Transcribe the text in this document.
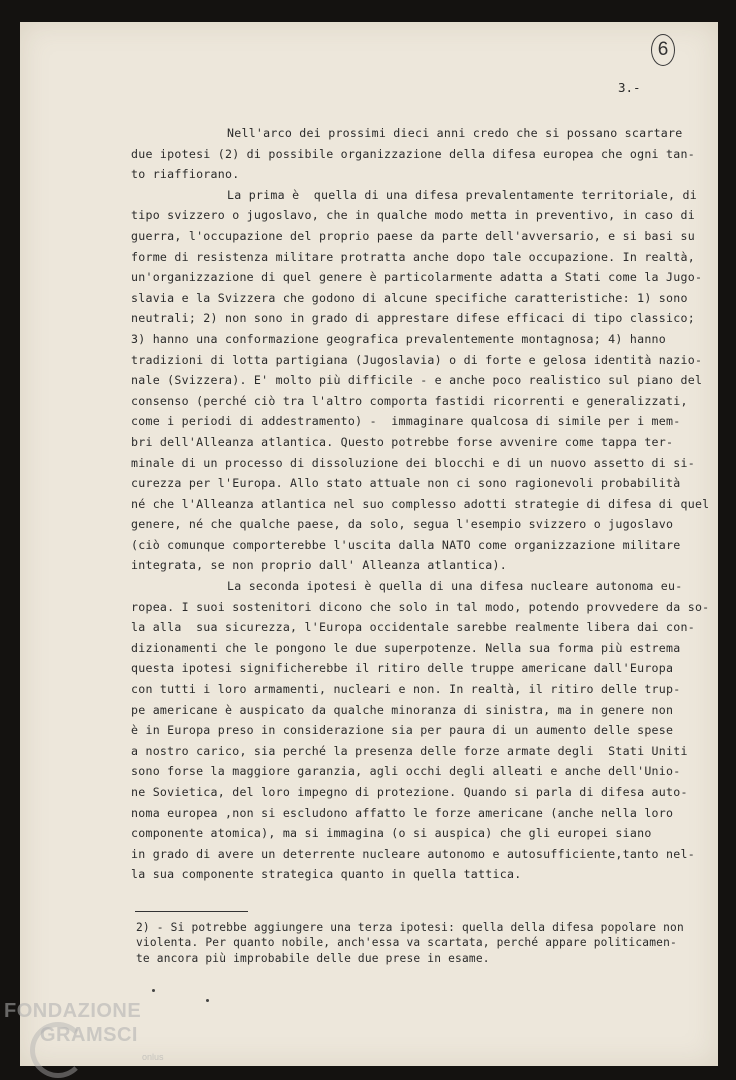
6
3.-
Nell'arco dei prossimi dieci anni credo che si possano scartare
due ipotesi (2) di possibile organizzazione della difesa europea che ogni tan-
to riaffiorano.
La prima è  quella di una difesa prevalentamente territoriale, di
tipo svizzero o jugoslavo, che in qualche modo metta in preventivo, in caso di
guerra, l'occupazione del proprio paese da parte dell'avversario, e si basi su
forme di resistenza militare protratta anche dopo tale occupazione. In realtà,
un'organizzazione di quel genere è particolarmente adatta a Stati come la Jugo-
slavia e la Svizzera che godono di alcune specifiche caratteristiche: 1) sono
neutrali; 2) non sono in grado di apprestare difese efficaci di tipo classico;
3) hanno una conformazione geografica prevalentemente montagnosa; 4) hanno
tradizioni di lotta partigiana (Jugoslavia) o di forte e gelosa identità nazio-
nale (Svizzera). E' molto più difficile - e anche poco realistico sul piano del
consenso (perché ciò tra l'altro comporta fastidi ricorrenti e generalizzati,
come i periodi di addestramento) -  immaginare qualcosa di simile per i mem-
bri dell'Alleanza atlantica. Questo potrebbe forse avvenire come tappa ter-
minale di un processo di dissoluzione dei blocchi e di un nuovo assetto di si-
curezza per l'Europa. Allo stato attuale non ci sono ragionevoli probabilità
né che l'Alleanza atlantica nel suo complesso adotti strategie di difesa di quel
genere, né che qualche paese, da solo, segua l'esempio svizzero o jugoslavo
(ciò comunque comporterebbe l'uscita dalla NATO come organizzazione militare
integrata, se non proprio dall' Alleanza atlantica).
La seconda ipotesi è quella di una difesa nucleare autonoma eu-
ropea. I suoi sostenitori dicono che solo in tal modo, potendo provvedere da so-
la alla  sua sicurezza, l'Europa occidentale sarebbe realmente libera dai con-
dizionamenti che le pongono le due superpotenze. Nella sua forma più estrema
questa ipotesi significherebbe il ritiro delle truppe americane dall'Europa
con tutti i loro armamenti, nucleari e non. In realtà, il ritiro delle trup-
pe americane è auspicato da qualche minoranza di sinistra, ma in genere non
è in Europa preso in considerazione sia per paura di un aumento delle spese
a nostro carico, sia perché la presenza delle forze armate degli  Stati Uniti
sono forse la maggiore garanzia, agli occhi degli alleati e anche dell'Unio-
ne Sovietica, del loro impegno di protezione. Quando si parla di difesa auto-
noma europea ,non si escludono affatto le forze americane (anche nella loro
componente atomica), ma si immagina (o si auspica) che gli europei siano
in grado di avere un deterrente nucleare autonomo e autosufficiente,tanto nel-
la sua componente strategica quanto in quella tattica.
2) - Si potrebbe aggiungere una terza ipotesi: quella della difesa popolare non
violenta. Per quanto nobile, anch'essa va scartata, perché appare politicamen-
te ancora più improbabile delle due prese in esame.
FONDAZIONE
GRAMSCI
onlus
